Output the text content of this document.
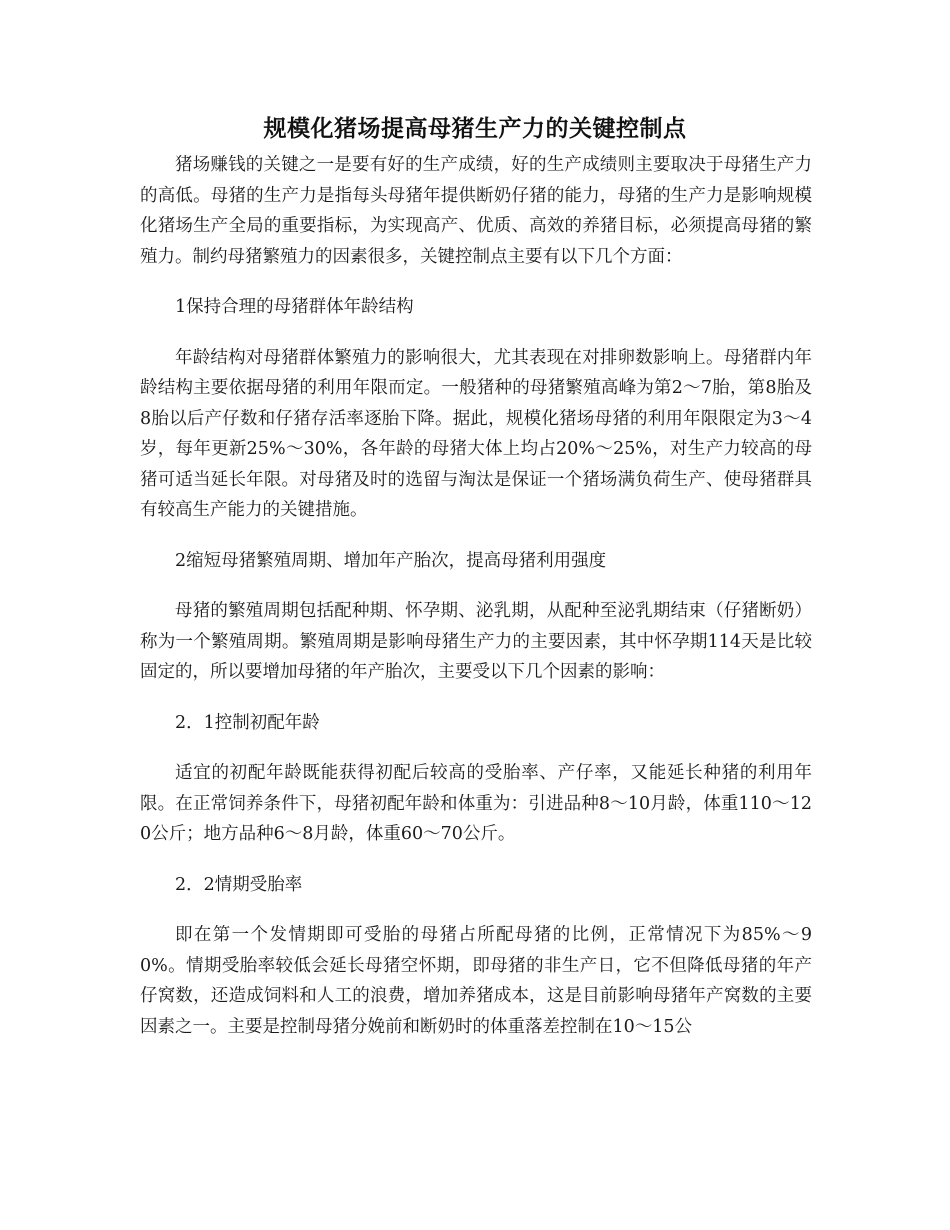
规模化猪场提高母猪生产力的关键控制点

猪场赚钱的关键之一是要有好的生产成绩，好的生产成绩则主要取决于母猪生产力的高低。母猪的生产力是指每头母猪年提供断奶仔猪的能力，母猪的生产力是影响规模化猪场生产全局的重要指标，为实现高产、优质、高效的养猪目标，必须提高母猪的繁殖力。制约母猪繁殖力的因素很多，关键控制点主要有以下几个方面：

1保持合理的母猪群体年龄结构

年龄结构对母猪群体繁殖力的影响很大，尤其表现在对排卵数影响上。母猪群内年龄结构主要依据母猪的利用年限而定。一般猪种的母猪繁殖高峰为第2～7胎，第8胎及8胎以后产仔数和仔猪存活率逐胎下降。据此，规模化猪场母猪的利用年限限定为3～4岁，每年更新25%～30%，各年龄的母猪大体上均占20%～25%，对生产力较高的母猪可适当延长年限。对母猪及时的选留与淘汰是保证一个猪场满负荷生产、使母猪群具有较高生产能力的关键措施。

2缩短母猪繁殖周期、增加年产胎次，提高母猪利用强度

母猪的繁殖周期包括配种期、怀孕期、泌乳期，从配种至泌乳期结束（仔猪断奶）称为一个繁殖周期。繁殖周期是影响母猪生产力的主要因素，其中怀孕期114天是比较固定的，所以要增加母猪的年产胎次，主要受以下几个因素的影响：

2．1控制初配年龄

适宜的初配年龄既能获得初配后较高的受胎率、产仔率，又能延长种猪的利用年限。在正常饲养条件下，母猪初配年龄和体重为：引进品种8～10月龄，体重110～120公斤；地方品种6～8月龄，体重60～70公斤。

2．2情期受胎率

即在第一个发情期即可受胎的母猪占所配母猪的比例，正常情况下为85%～90%。情期受胎率较低会延长母猪空怀期，即母猪的非生产日，它不但降低母猪的年产仔窝数，还造成饲料和人工的浪费，增加养猪成本，这是目前影响母猪年产窝数的主要因素之一。主要是控制母猪分娩前和断奶时的体重落差控制在10～15公
